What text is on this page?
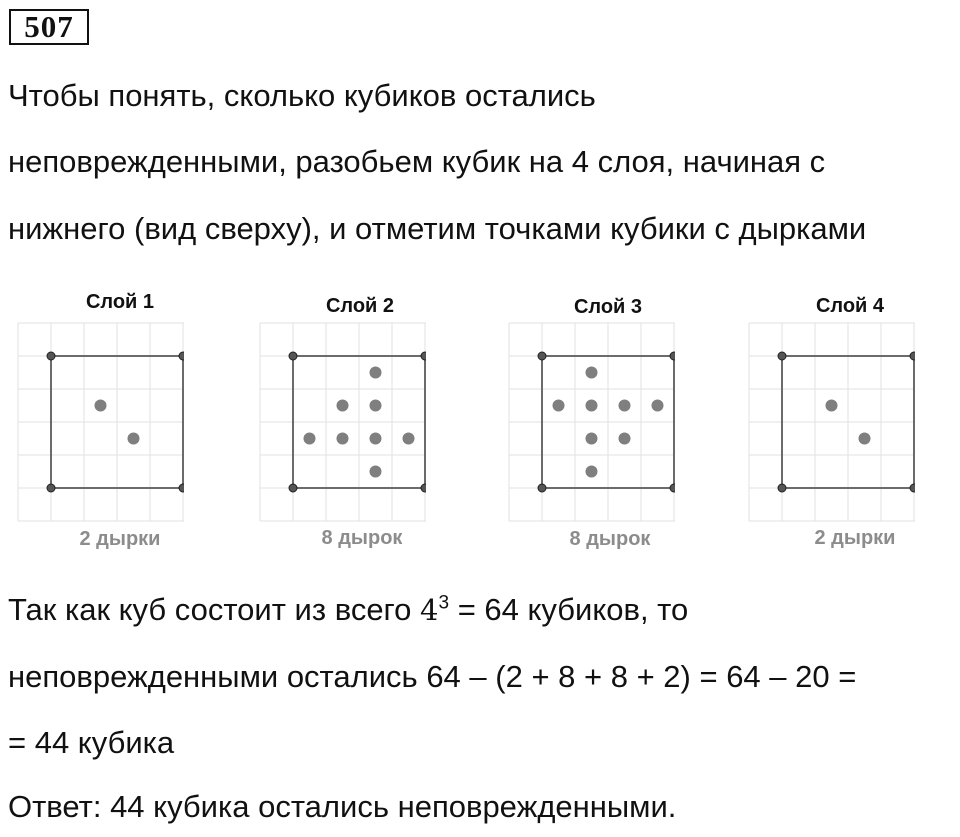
507
Чтобы понять, сколько кубиков остались
неповрежденными, разобьем кубик на 4 слоя, начиная с
нижнего (вид сверху), и отметим точками кубики с дырками
Слой 1
2 дырки
Слой 2
8 дырок
Слой 3
8 дырок
Слой 4
2 дырки
Так как куб состоит из всего $4^3 = 64$ кубиков, то
неповрежденными остались 64 – (2 + 8 + 8 + 2) = 64 – 20 =
= 44 кубика
Ответ: 44 кубика остались неповрежденными.
